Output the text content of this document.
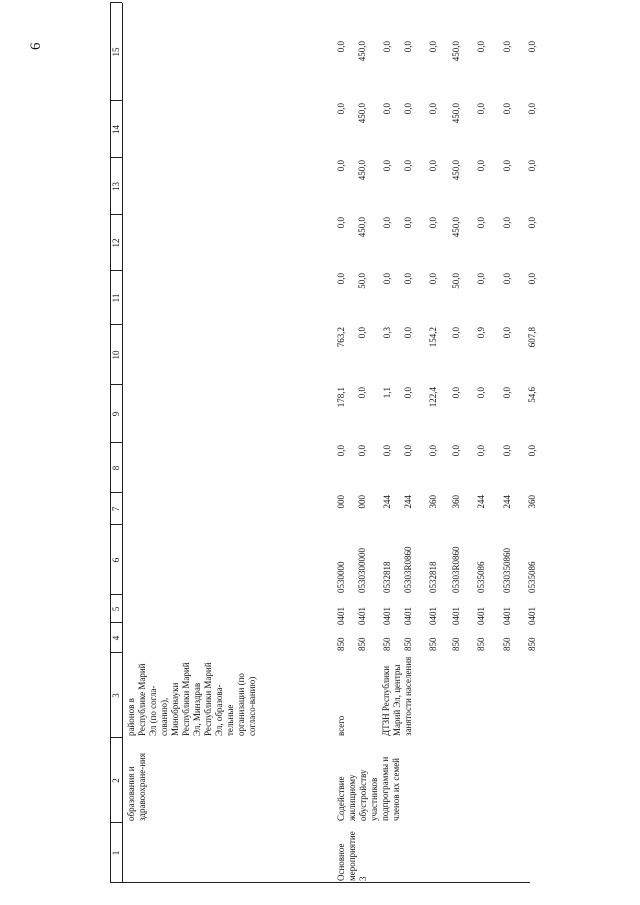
6
1
2
3
4
5
6
7
8
9
10
11
12
13
14
15
образования и здравоохране-ния
районов в Республике Марий Эл (по согла-сованию), Минобрнауки Республики Марий Эл, Минздрав Республики Марий Эл, образова-тельные организации (по согласо-ванию)
Основное мероприятие 3
Содействие жилищному обустройству участников подпрограммы и членов их семей
всего	ДТЗН Республики Марий Эл, центры занятости населения
850
0401
0530000
000
0,0
178,1
763,2
0,0
0,0
0,0
0,0
0,0
850
0401
0530300000
000
0,0
0,0
0,0
50,0
450,0
450,0
450,0
450,0
850
0401
0532818
244
0,0
1,1
0,3
0,0
0,0
0,0
0,0
0,0
850
0401
05303R0860
244
0,0
0,0
0,0
0,0
0,0
0,0
0,0
0,0
850
0401
0532818
360
0,0
122,4
154,2
0,0
0,0
0,0
0,0
0,0
850
0401
05303R0860
360
0,0
0,0
0,0
50,0
450,0
450,0
450,0
450,0
850
0401
0535086
244
0,0
0,0
0,9
0,0
0,0
0,0
0,0
0,0
850
0401
0530350860
244
0,0
0,0
0,0
0,0
0,0
0,0
0,0
0,0
850
0401
0535086
360
0,0
54,6
607,8
0,0
0,0
0,0
0,0
0,0
